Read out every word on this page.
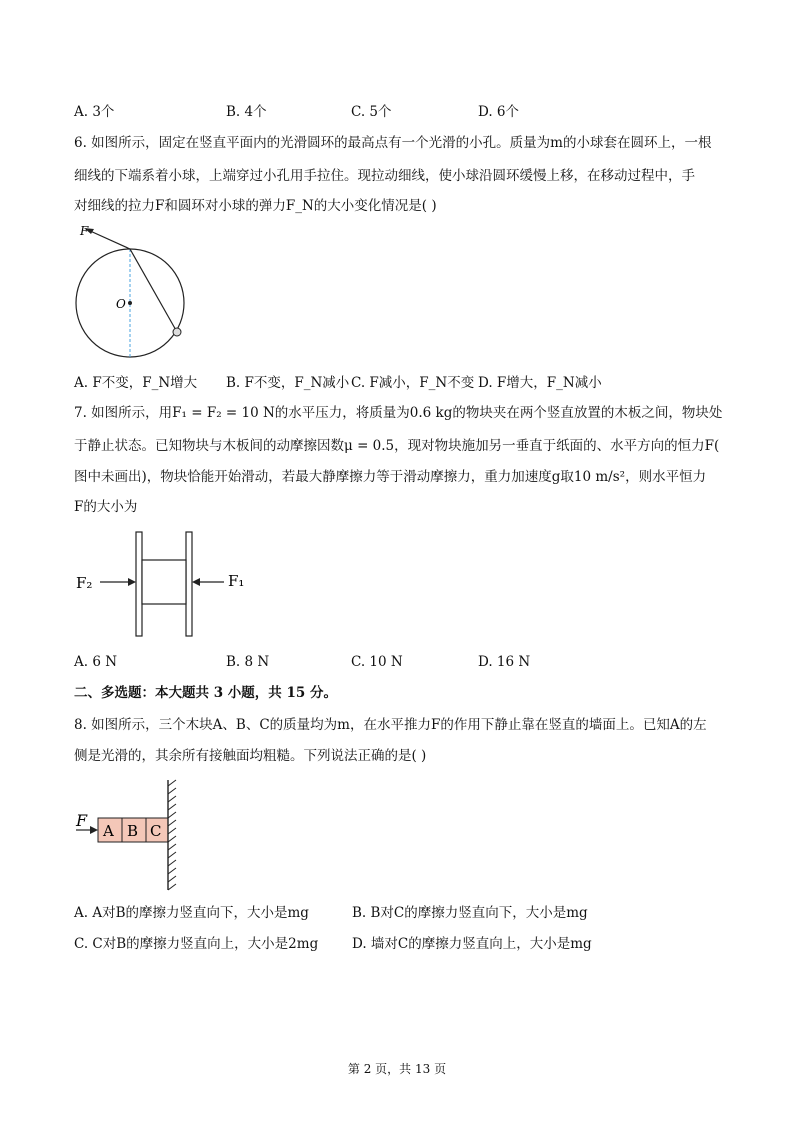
A. 3个	B. 4个	C. 5个	D. 6个
6. 如图所示，固定在竖直平面内的光滑圆环的最高点有一个光滑的小孔。质量为m的小球套在圆环上，一根
细线的下端系着小球，上端穿过小孔用手拉住。现拉动细线，使小球沿圆环缓慢上移，在移动过程中，手
对细线的拉力F和圆环对小球的弹力F_N的大小变化情况是( )
F
O
A. F不变，F_N增大 B. F不变，F_N减小 C. F减小，F_N不变 D. F增大，F_N减小
7. 如图所示，用F₁ = F₂ = 10 N的水平压力，将质量为0.6 kg的物块夹在两个竖直放置的木板之间，物块处
于静止状态。已知物块与木板间的动摩擦因数μ = 0.5，现对物块施加另一垂直于纸面的、水平方向的恒力F(
图中未画出)，物块恰能开始滑动，若最大静摩擦力等于滑动摩擦力，重力加速度g取10 m/s²，则水平恒力
F的大小为
F₂	F₁
A. 6 N	B. 8 N	C. 10 N	D. 16 N
二、多选题：本大题共 3 小题，共 15 分。
8. 如图所示，三个木块A、B、C的质量均为m，在水平推力F的作用下静止靠在竖直的墙面上。已知A的左
侧是光滑的，其余所有接触面均粗糙。下列说法正确的是( )
A B C
F
A. A对B的摩擦力竖直向下，大小是mg	B. B对C的摩擦力竖直向下，大小是mg
C. C对B的摩擦力竖直向上，大小是2mg	D. 墙对C的摩擦力竖直向上，大小是mg
第 2 页，共 13 页
